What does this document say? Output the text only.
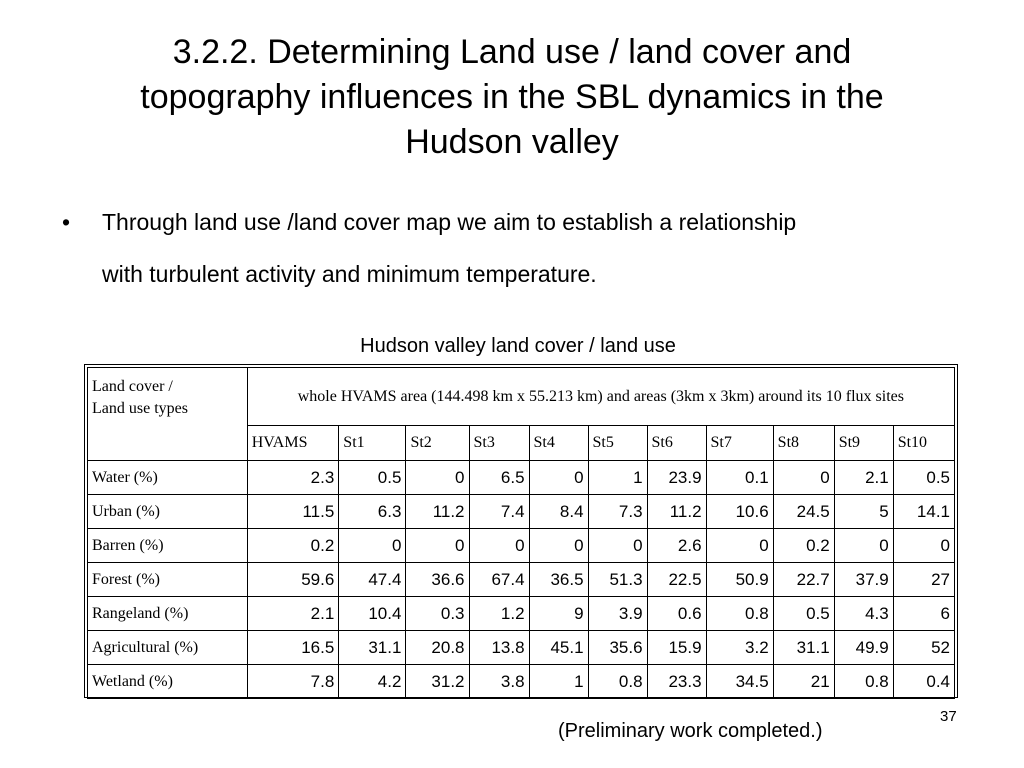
3.2.2. Determining Land use / land cover and
topography influences in the SBL dynamics in the
Hudson valley
• Through land use /land cover map we aim to establish a relationship
with turbulent activity and minimum temperature.
Hudson valley land cover / land use
Land cover /
Land use types	whole HVAMS area (144.498 km x 55.213 km) and areas (3km x 3km) around its 10 flux sites										
	HVAMS	St1	St2	St3	St4	St5	St6	St7	St8	St9	St10
Water (%)	2.3	0.5	0	6.5	0	1	23.9	0.1	0	2.1	0.5
Urban (%)	11.5	6.3	11.2	7.4	8.4	7.3	11.2	10.6	24.5	5	14.1
Barren (%)	0.2	0	0	0	0	0	2.6	0	0.2	0	0
Forest (%)	59.6	47.4	36.6	67.4	36.5	51.3	22.5	50.9	22.7	37.9	27
Rangeland (%)	2.1	10.4	0.3	1.2	9	3.9	0.6	0.8	0.5	4.3	6
Agricultural (%)	16.5	31.1	20.8	13.8	45.1	35.6	15.9	3.2	31.1	49.9	52
Wetland (%)	7.8	4.2	31.2	3.8	1	0.8	23.3	34.5	21	0.8	0.4
(Preliminary work completed.)
37
